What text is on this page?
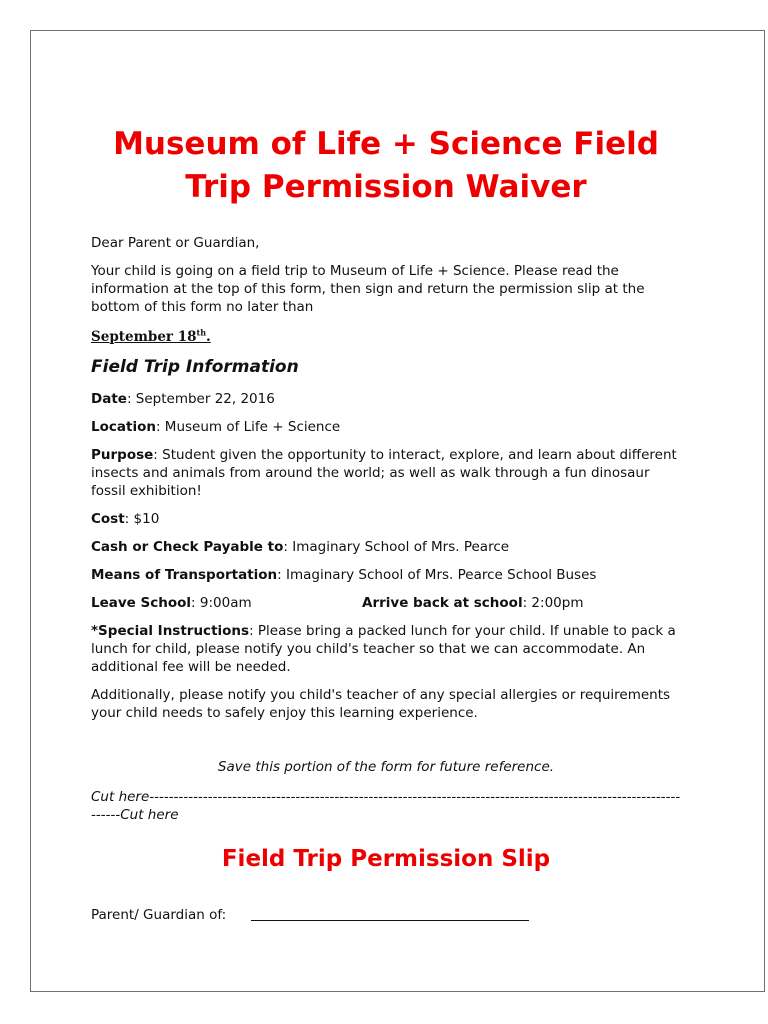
Museum of Life + Science Field Trip Permission Waiver
Dear Parent or Guardian,
Your child is going on a field trip to Museum of Life + Science. Please read the information at the top of this form, then sign and return the permission slip at the bottom of this form no later than
September 18th.
Field Trip Information
Date: September 22, 2016
Location: Museum of Life + Science
Purpose: Student given the opportunity to interact, explore, and learn about different insects and animals from around the world; as well as walk through a fun dinosaur fossil exhibition!
Cost: $10
Cash or Check Payable to: Imaginary School of Mrs. Pearce
Means of Transportation: Imaginary School of Mrs. Pearce School Buses
Leave School: 9:00am	Arrive back at school: 2:00pm
*Special Instructions: Please bring a packed lunch for your child. If unable to pack a lunch for child, please notify you child's teacher so that we can accommodate. An additional fee will be needed.
Additionally, please notify you child's teacher of any special allergies or requirements your child needs to safely enjoy this learning experience.
Save this portion of the form for future reference.
Cut here-------------------------------------------------------------------------------------------------------------------Cut here
Field Trip Permission Slip
Parent/ Guardian of:
